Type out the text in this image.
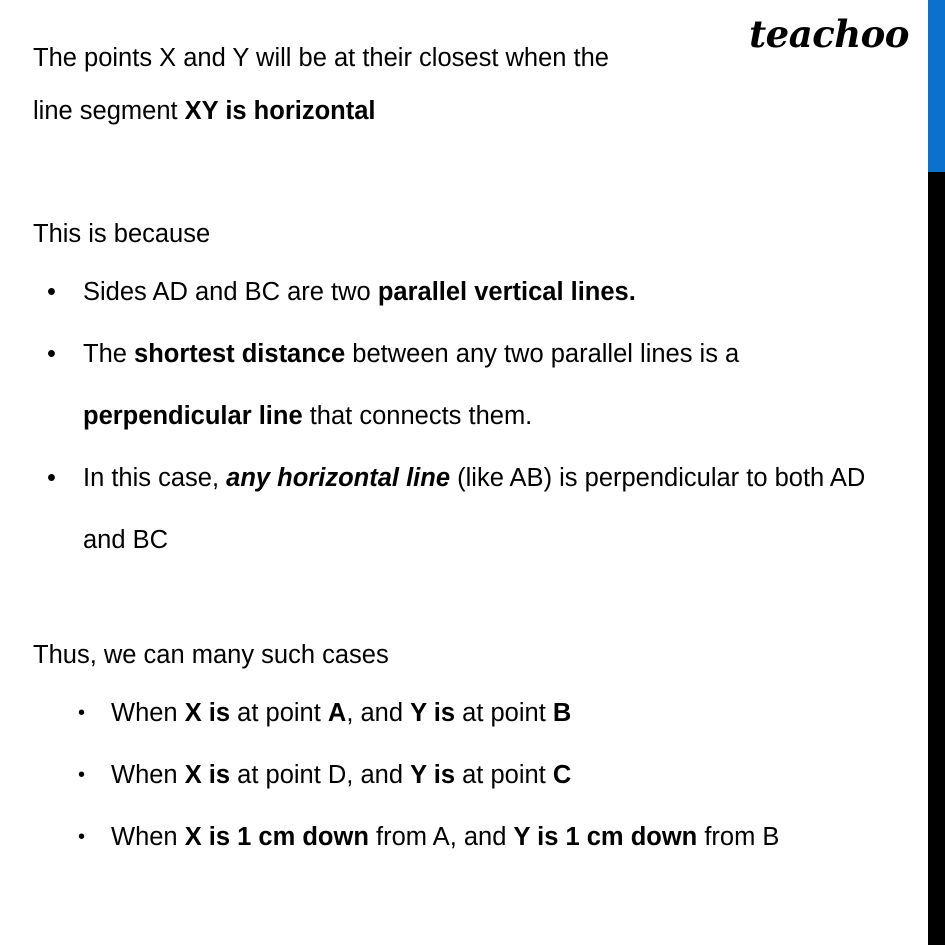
teachoo

The points X and Y will be at their closest when the

line segment XY is horizontal

This is because

• Sides AD and BC are two parallel vertical lines.
• The shortest distance between any two parallel lines is a perpendicular line that connects them.
• In this case, any horizontal line (like AB) is perpendicular to both AD and BC

Thus, we can many such cases

• When X is at point A, and Y is at point B
• When X is at point D, and Y is at point C
• When X is 1 cm down from A, and Y is 1 cm down from B
